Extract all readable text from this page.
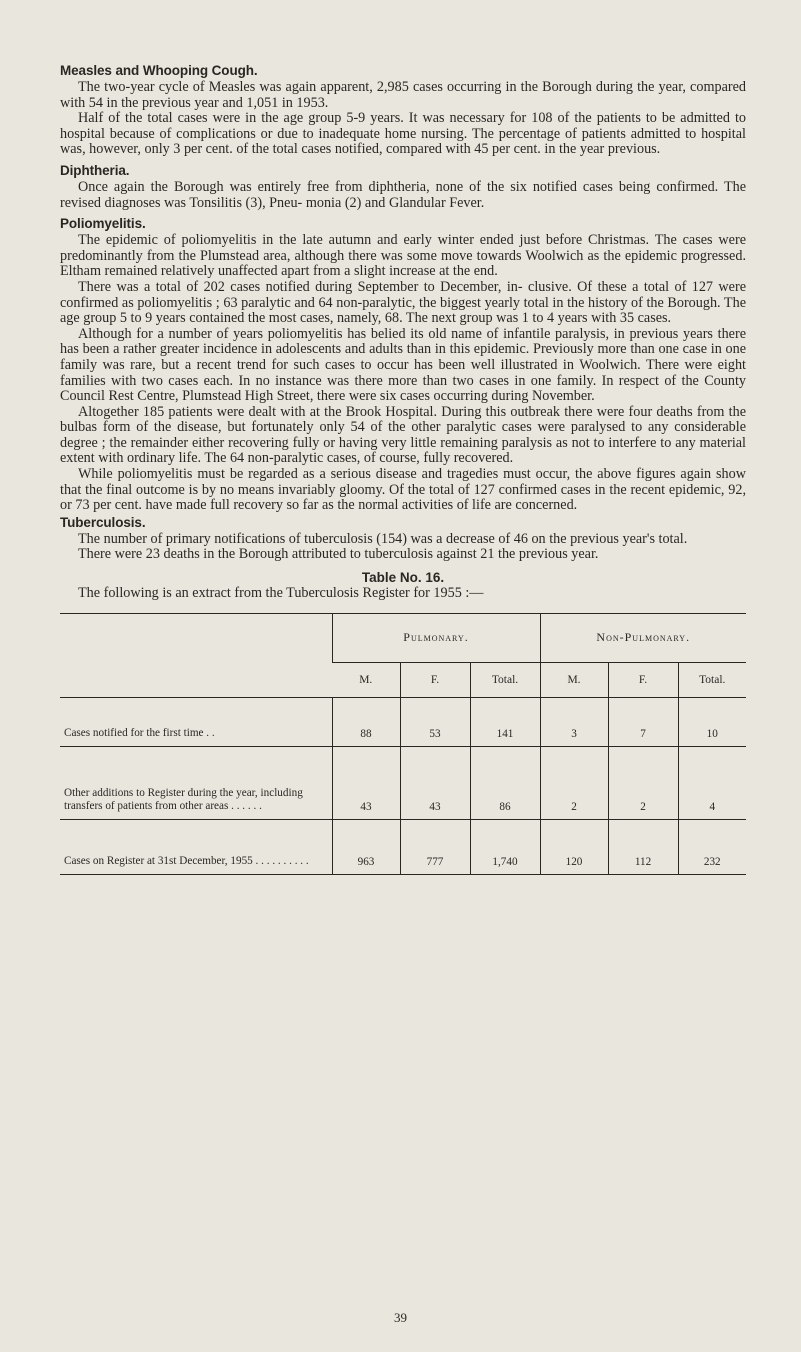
Measles and Whooping Cough.

The two-year cycle of Measles was again apparent, 2,985 cases occurring in the Borough during the year, compared with 54 in the previous year and 1,051 in 1953.

Half of the total cases were in the age group 5-9 years. It was necessary for 108 of the patients to be admitted to hospital because of complications or due to inadequate home nursing. The percentage of patients admitted to hospital was, however, only 3 per cent. of the total cases notified, compared with 45 per cent. in the year previous.

Diphtheria.

Once again the Borough was entirely free from diphtheria, none of the six notified cases being confirmed. The revised diagnoses was Tonsilitis (3), Pneu- monia (2) and Glandular Fever.

Poliomyelitis.

The epidemic of poliomyelitis in the late autumn and early winter ended just before Christmas. The cases were predominantly from the Plumstead area, although there was some move towards Woolwich as the epidemic progressed. Eltham remained relatively unaffected apart from a slight increase at the end.

There was a total of 202 cases notified during September to December, in- clusive. Of these a total of 127 were confirmed as poliomyelitis ; 63 paralytic and 64 non-paralytic, the biggest yearly total in the history of the Borough. The age group 5 to 9 years contained the most cases, namely, 68. The next group was 1 to 4 years with 35 cases.

Although for a number of years poliomyelitis has belied its old name of infantile paralysis, in previous years there has been a rather greater incidence in adolescents and adults than in this epidemic. Previously more than one case in one family was rare, but a recent trend for such cases to occur has been well illustrated in Woolwich. There were eight families with two cases each. In no instance was there more than two cases in one family. In respect of the County Council Rest Centre, Plumstead High Street, there were six cases occurring during November.

Altogether 185 patients were dealt with at the Brook Hospital. During this outbreak there were four deaths from the bulbas form of the disease, but fortunately only 54 of the other paralytic cases were paralysed to any considerable degree ; the remainder either recovering fully or having very little remaining paralysis as not to interfere to any material extent with ordinary life. The 64 non-paralytic cases, of course, fully recovered.

While poliomyelitis must be regarded as a serious disease and tragedies must occur, the above figures again show that the final outcome is by no means invariably gloomy. Of the total of 127 confirmed cases in the recent epidemic, 92, or 73 per cent. have made full recovery so far as the normal activities of life are concerned.

Tuberculosis.

The number of primary notifications of tuberculosis (154) was a decrease of 46 on the previous year's total.

There were 23 deaths in the Borough attributed to tuberculosis against 21 the previous year.

Table No. 16.

The following is an extract from the Tuberculosis Register for 1955 :—

	Pulmonary.			Non-Pulmonary.		
	M.	F.	Total.	M.	F.	Total.
Cases notified for the first time . .	88	53	141	3	7	10
Other additions to Register during the year, including transfers of patients from other areas . . . . . .	43	43	86	2	2	4
Cases on Register at 31st December, 1955 . . . . . . . . . .	963	777	1,740	120	112	232
39
